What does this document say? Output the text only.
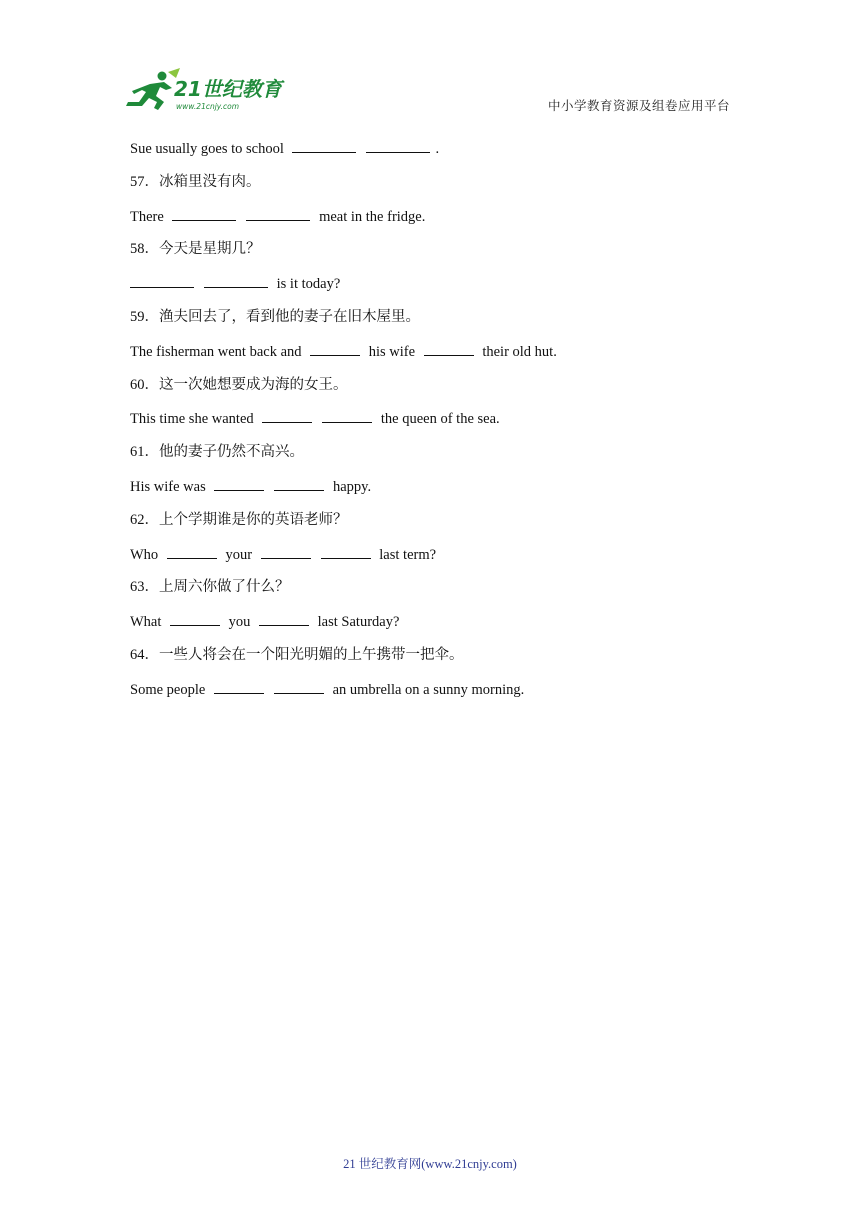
21世纪教育
www.21cnjy.com	中小学教育资源及组卷应用平台
Sue usually goes to school	.
57．冰箱里没有肉。
There	meat in the fridge.
58．今天是星期几？
is it today?
59．渔夫回去了，看到他的妻子在旧木屋里。
The fisherman went back and	his wife	their old hut.
60．这一次她想要成为海的女王。
This time she wanted	the queen of the sea.
61．他的妻子仍然不高兴。
His wife was	happy.
62．上个学期谁是你的英语老师？
Who	your	last term?
63．上周六你做了什么？
What	you	last Saturday?
64．一些人将会在一个阳光明媚的上午携带一把伞。
Some people	an umbrella on a sunny morning.
21 世纪教育网(www.21cnjy.com)
